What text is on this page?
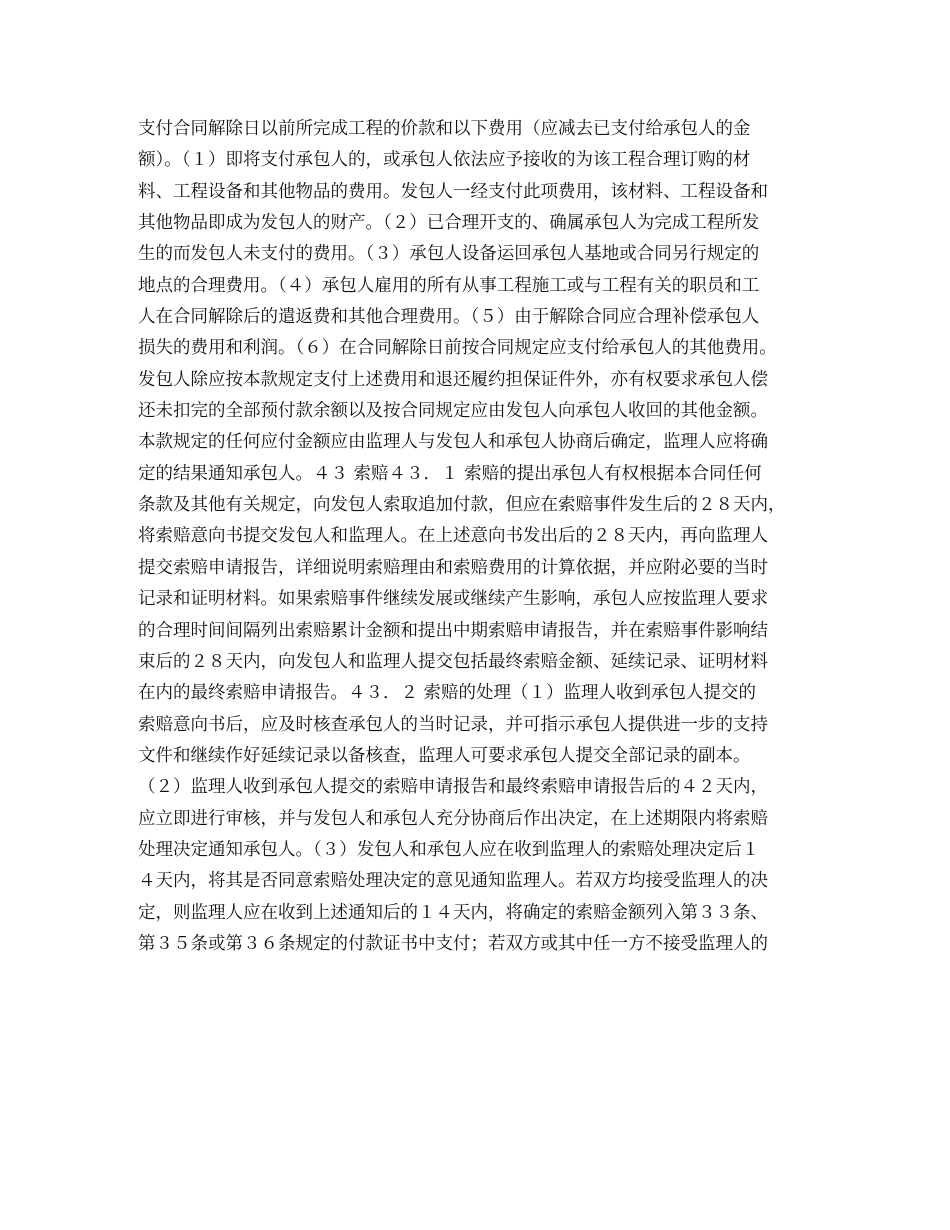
支付合同解除日以前所完成工程的价款和以下费用（应减去已支付给承包人的金
额）。（１）即将支付承包人的，或承包人依法应予接收的为该工程合理订购的材
料、工程设备和其他物品的费用。发包人一经支付此项费用，该材料、工程设备和
其他物品即成为发包人的财产。（２）已合理开支的、确属承包人为完成工程所发
生的而发包人未支付的费用。（３）承包人设备运回承包人基地或合同另行规定的
地点的合理费用。（４）承包人雇用的所有从事工程施工或与工程有关的职员和工
人在合同解除后的遣返费和其他合理费用。（５）由于解除合同应合理补偿承包人
损失的费用和利润。（６）在合同解除日前按合同规定应支付给承包人的其他费用。
发包人除应按本款规定支付上述费用和退还履约担保证件外，亦有权要求承包人偿
还未扣完的全部预付款余额以及按合同规定应由发包人向承包人收回的其他金额。
本款规定的任何应付金额应由监理人与发包人和承包人协商后确定，监理人应将确
定的结果通知承包人。４３ 索赔４３．１ 索赔的提出承包人有权根据本合同任何
条款及其他有关规定，向发包人索取追加付款，但应在索赔事件发生后的２８天内，
将索赔意向书提交发包人和监理人。在上述意向书发出后的２８天内，再向监理人
提交索赔申请报告，详细说明索赔理由和索赔费用的计算依据，并应附必要的当时
记录和证明材料。如果索赔事件继续发展或继续产生影响，承包人应按监理人要求
的合理时间间隔列出索赔累计金额和提出中期索赔申请报告，并在索赔事件影响结
束后的２８天内，向发包人和监理人提交包括最终索赔金额、延续记录、证明材料
在内的最终索赔申请报告。４３．２ 索赔的处理（１）监理人收到承包人提交的
索赔意向书后，应及时核查承包人的当时记录，并可指示承包人提供进一步的支持
文件和继续作好延续记录以备核查，监理人可要求承包人提交全部记录的副本。
（２）监理人收到承包人提交的索赔申请报告和最终索赔申请报告后的４２天内，
应立即进行审核，并与发包人和承包人充分协商后作出决定，在上述期限内将索赔
处理决定通知承包人。（３）发包人和承包人应在收到监理人的索赔处理决定后１
４天内，将其是否同意索赔处理决定的意见通知监理人。若双方均接受监理人的决
定，则监理人应在收到上述通知后的１４天内，将确定的索赔金额列入第３３条、
第３５条或第３６条规定的付款证书中支付；若双方或其中任一方不接受监理人的
